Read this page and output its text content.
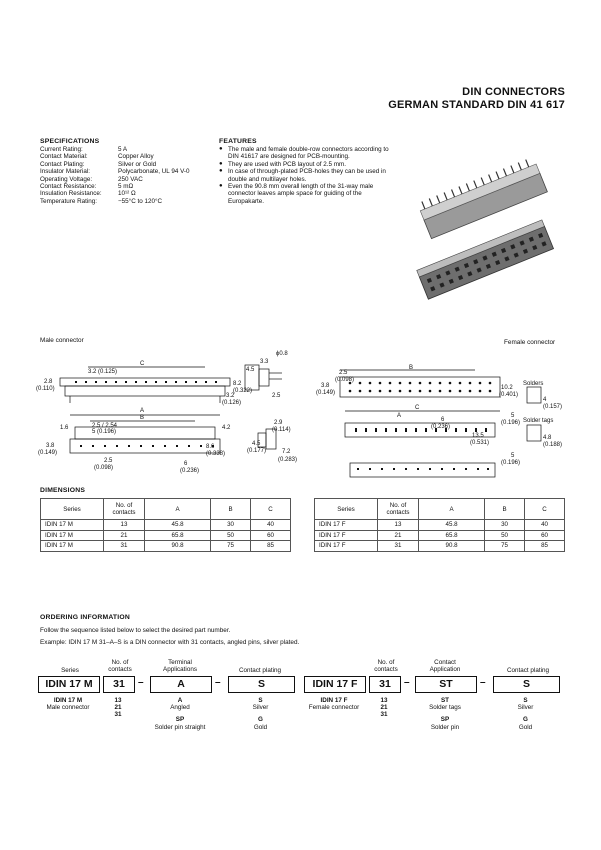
DIN CONNECTORS
GERMAN STANDARD DIN 41 617
SPECIFICATIONS
Current Rating:	5 A
Contact Material:	Copper Alloy
Contact Plating:	Silver or Gold
Insulator Material:	Polycarbonate, UL 94 V-0
Operating Voltage:	250 VAC
Contact Resistance:	5 mΩ
Insulation Resistance:	10¹² Ω
Temperature Rating:	−55°C to 120°C
FEATURES
● The male and female double-row connectors according to DIN 41617 are designed for PCB-mounting.
● They are used with PCB layout of 2.5 mm.
● In case of through-plated PCB-holes they can be used in double and multilayer holes.
● Even the 90.8 mm overall length of the 31-way male connector leaves ample space for guiding of the Europakarte.
Male connector	Female connector
3.2 (0.125)
2.8
(0.110)
C
8.2
(0.322)
4.5
3.3
ϕ0.8
3.2
(0.126)
2.5
A
B
2.5 / 2.54
5 (0.196)
1.6	4.2
3.8
(0.149)
2.5
(0.098)
8.6
(0.338)
6
(0.236)
2.9
(0.114)
4.5
(0.177)	7.2
(0.283)
2.5
(0.098)
B
3.8
(0.149)
10.2
(0.401)
C
A
6
(0.236)
13.5
(0.531)
Solders
4
(0.157)
5
(0.196) Solder tags
4.8
(0.188)
5
(0.196)
DIMENSIONS
Series	No. of contacts	A	B	C
IDIN 17 M	13	45.8	30	40
IDIN 17 M	21	65.8	50	60
IDIN 17 M	31	90.8	75	85
Series	No. of contacts	A	B	C
IDIN 17 F	13	45.8	30	40
IDIN 17 F	21	65.8	50	60
IDIN 17 F	31	90.8	75	85
ORDERING INFORMATION
Follow the sequence listed below to select the desired part number.
Example: IDIN 17 M 31–A–S is a DIN connector with 31 contacts, angled pins, silver plated.
Series
No. of
contacts
Terminal
Applications	Contact plating
IDIN 17 M	31	–	A	–	S
IDIN 17 M
Male connector
13
21
31
A
Angled

SP
Solder pin straight
S
Silver

G
Gold
No. of
contacts
Contact
Application	Contact plating
IDIN 17 F	31	–	ST	–	S
IDIN 17 F
Female connector
13
21
31
ST
Solder tags

SP
Solder pin
S
Silver

G
Gold
